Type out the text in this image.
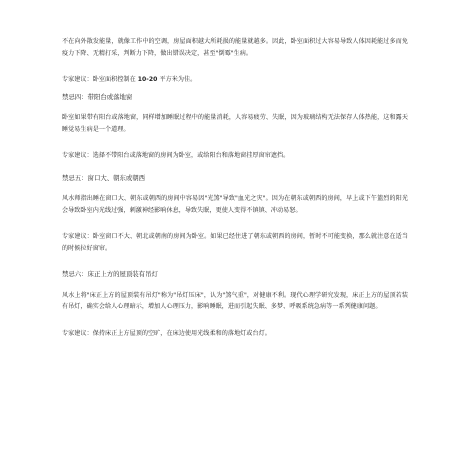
不在向外散发能量，就像工作中的空调，房屋面积越大所耗损的能量就越多。因此，卧室面积过大容易导致人体因耗能过多而免疫力下降、无精打采，判断力下降，做出错误决定，甚至"倒霉"生病。

专家建议：卧室面积控制在 10-20 平方米为佳。

禁忌四：带阳台或落地窗

卧室如果带有阳台或落地窗，同样增加睡眠过程中的能量消耗，人容易疲劳、失眠，因为玻璃结构无法保存人体热能，这和露天睡觉易生病是一个道理。

专家建议：选择不带阳台或落地窗的房间为卧室，或给阳台和落地窗挂厚窗帘遮挡。

禁忌五：窗口大、朝东或朝西

风水师指出睡在窗口大、朝东或朝西的房间中容易因"光煞"导致"血光之灾"。因为在朝东或朝西的房间，早上或下午篮烈的阳光会导致卧室内光线过强，刺激神经影响休息，导致失眠，更使人变得不镇镇、冲动易怒。

专家建议：卧室窗口不大、朝北或朝南的房间为卧室。如果已经住进了朝东或朝西的房间，暂时不可能变换，那么就注意在适当的时候拉好窗帘。

禁忌六：床正上方的屋顶装有吊灯

风水上将"床正上方的屋顶装有吊灯"称为"吊灯压床"，认为"煞气重"，对健康不利。现代心理学研究发现，床正上方的屋顶若装有吊灯，确实会给人心理暗示，增加人心理压力，影响睡眠，进而引起失眠、多梦、呼吸系统急病等一系列健康问题。

专家建议：保持床正上方屋顶的空旷，在床边使用光线柔和的落地灯或台灯。
